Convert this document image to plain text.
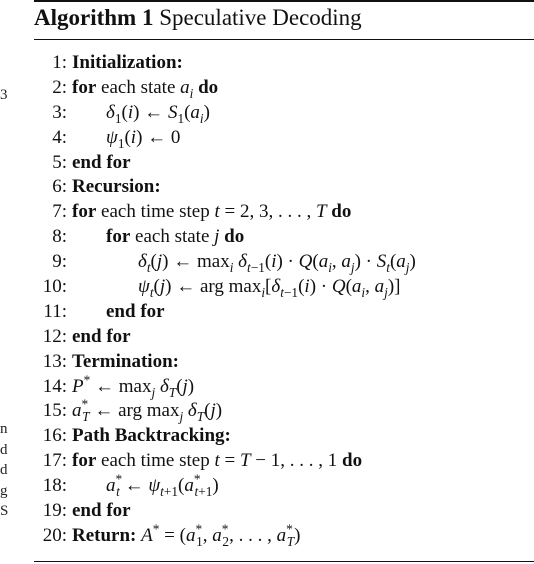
3
n
d
d
g
S
Algorithm 1 Speculative Decoding
1: Initialization:
2: for each state $a_i$ do
3: $\delta_1(i)$ ← $S_1(a_i)$
4: $\psi_1(i)$ ← 0
5: end for
6: Recursion:
7: for each time step t = 2, 3, . . . , T do
8: for each state j do
9:	$\delta_t(j)$ ← $\max_i \delta_{t-1}(i) \cdot Q(a_i$, $a_j) \cdot S_t(a_j)$
10:	$\psi_t(j)$ ← arg $\max_i[\delta_{t-1}(i) \cdot Q(a_i$, $a_j$)]
11: end for
12: end for
13: Termination:
14: P* ← $\max_j \delta_T(j)$
15: $a^*_T$ ← arg $\max_j \delta_T(j)$
16: Path Backtracking:
17: for each time step t = T − 1, . . . , 1 do
18: $a^*_t$ ← $\psi_{t+1}(a^*_{t+1})$
19: end for
20: Return: $A^* = (a^*_1$, $a^*_2$, . . . , $a^*_T$)
